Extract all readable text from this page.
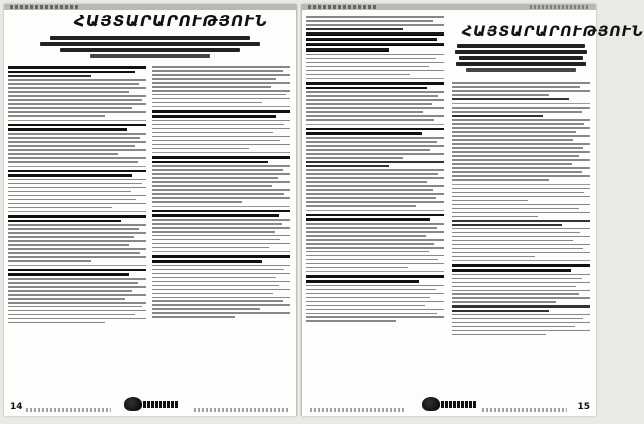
ՀԱՅՏԱՐԱՐՈՒԹՅՈՒՆ
14
ՀԱՅՏԱՐԱՐՈՒԹՅՈՒՆ
15
